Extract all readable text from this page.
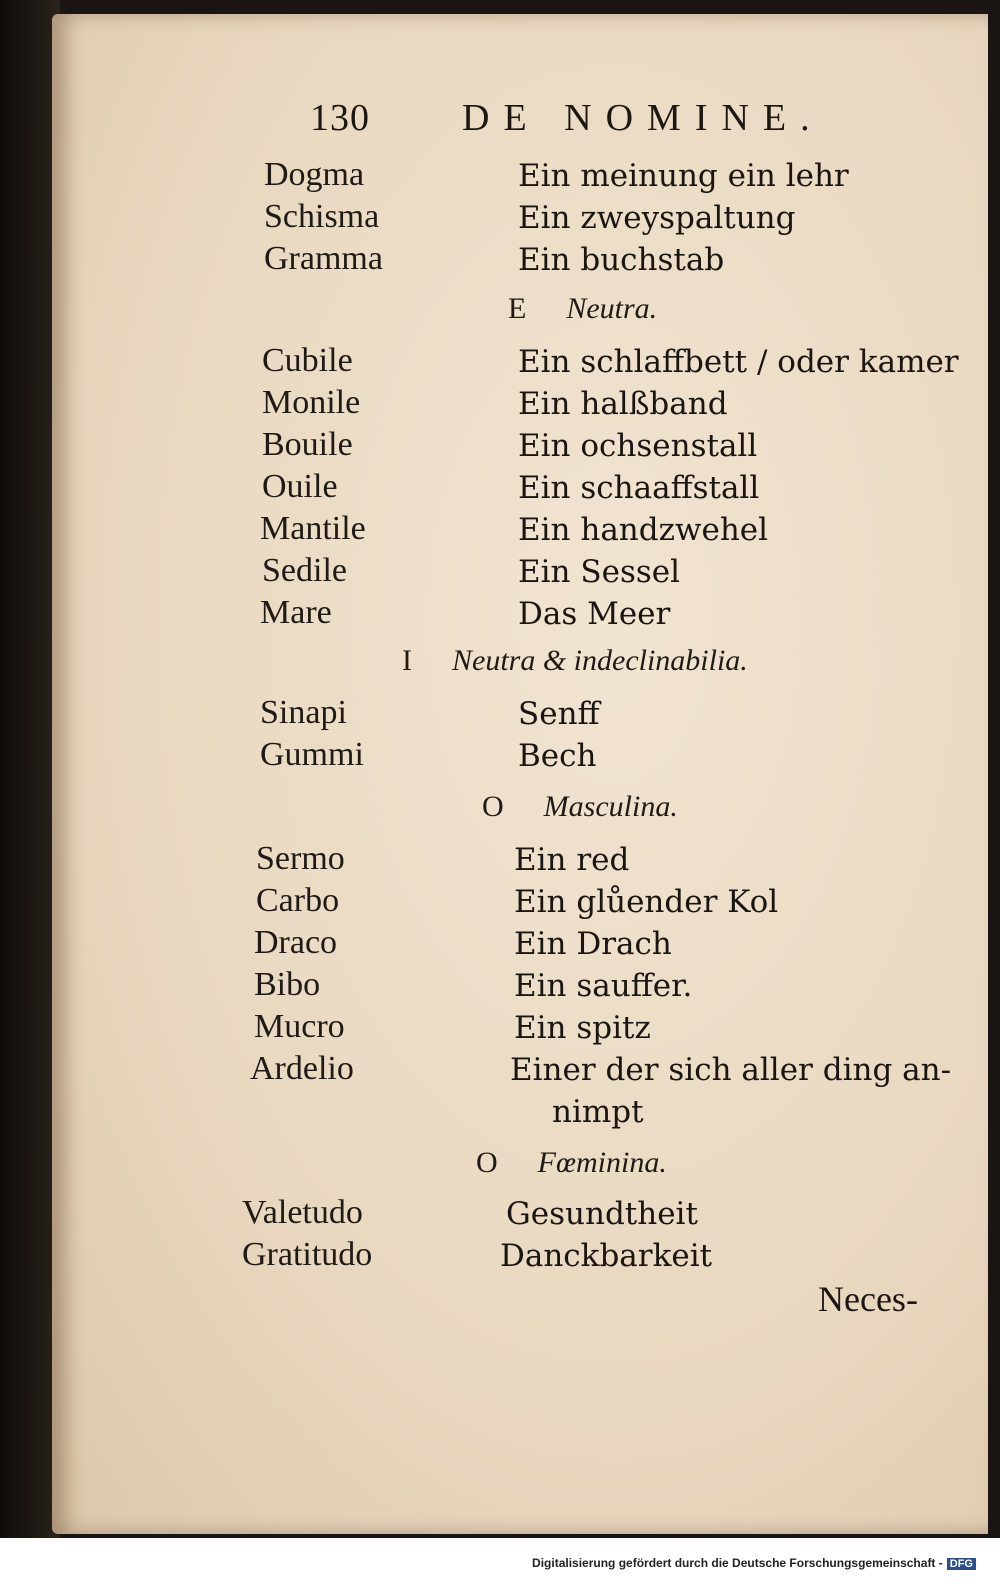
130 DE NOMINE.
Dogma	Ein meinung ein lehr
Schisma	Ein zweyspaltung
Gramma	Ein buchstab
E Neutra.
Cubile	Ein schlaffbett / oder kamer
Monile	Ein halßband
Bouile	Ein ochsenstall
Ouile	Ein schaaffstall
Mantile	Ein handzwehel
Sedile	Ein Sessel
Mare	Das Meer
I Neutra & indeclinabilia.
Sinapi	Senff
Gummi	Bech
O Masculina.
Sermo	Ein red
Carbo	Ein glůender Kol
Draco	Ein Drach
Bibo	Ein sauffer.
Mucro	Ein spitz
Ardelio	Einer der sich aller ding an-
nimpt
O Fœminina.
Valetudo	Gesundtheit
Gratitudo	Danckbarkeit
Neces-
Digitalisierung gefördert durch die Deutsche Forschungsgemeinschaft - DFG
